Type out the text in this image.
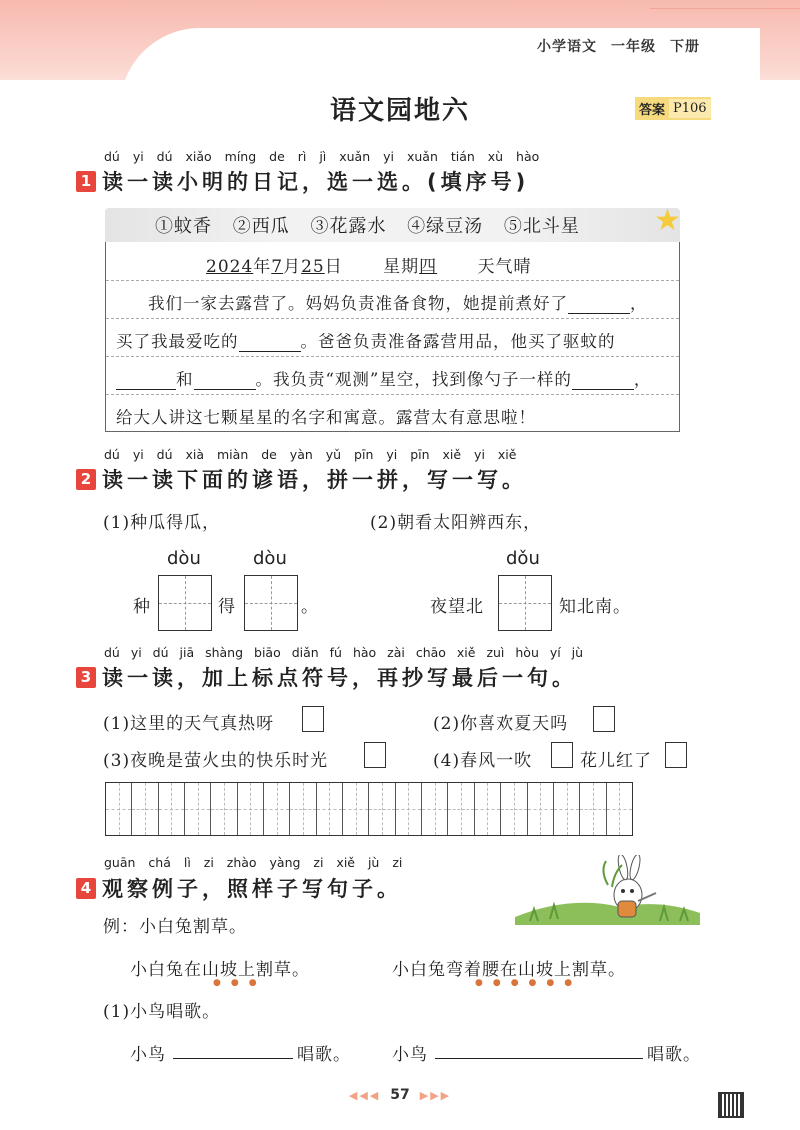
小学语文 一年级 下册
语文园地六	答案 P106
dú yi dú xiǎo míng de rì jì xuǎn yi xuǎn tián xù hào
1 读一读小明的日记，选一选。(填序号)
①蚊香 ②西瓜 ③花露水 ④绿豆汤 ⑤北斗星 ★
2024年7月25日 星期四 天气晴
我们一家去露营了。妈妈负责准备食物，她提前煮好了	，
买了我最爱吃的	。爸爸负责准备露营用品，他买了驱蚊的
和	。我负责“观测”星空，找到像勺子一样的	，
给大人讲这七颗星星的名字和寓意。露营太有意思啦！
dú yi dú xià miàn de yàn yǔ pīn yi pīn xiě yi xiě
2 读一读下面的谚语，拼一拼，写一写。
(1)种瓜得瓜，	(2)朝看太阳辨西东，
dòu	dòu	dǒu
种	得	。	夜望北	知北南。
dú yi dú jiā shàng biāo diǎn fú hào zài chāo xiě zuì hòu yí jù
3 读一读，加上标点符号，再抄写最后一句。
(1)这里的天气真热呀	(2)你喜欢夏天吗
(3)夜晚是萤火虫的快乐时光	(4)春风一吹	花儿红了
guān chá lì zi zhào yàng zi xiě jù zi
4 观察例子，照样子写句子。
例：小白兔割草。
小白兔在山坡上割草。
●●●
小白兔弯着腰在山坡上割草。
●●●●●●
(1)小鸟唱歌。
小鸟	唱歌。 小鸟	唱歌。
◀◀◀ 57 ▶▶▶
